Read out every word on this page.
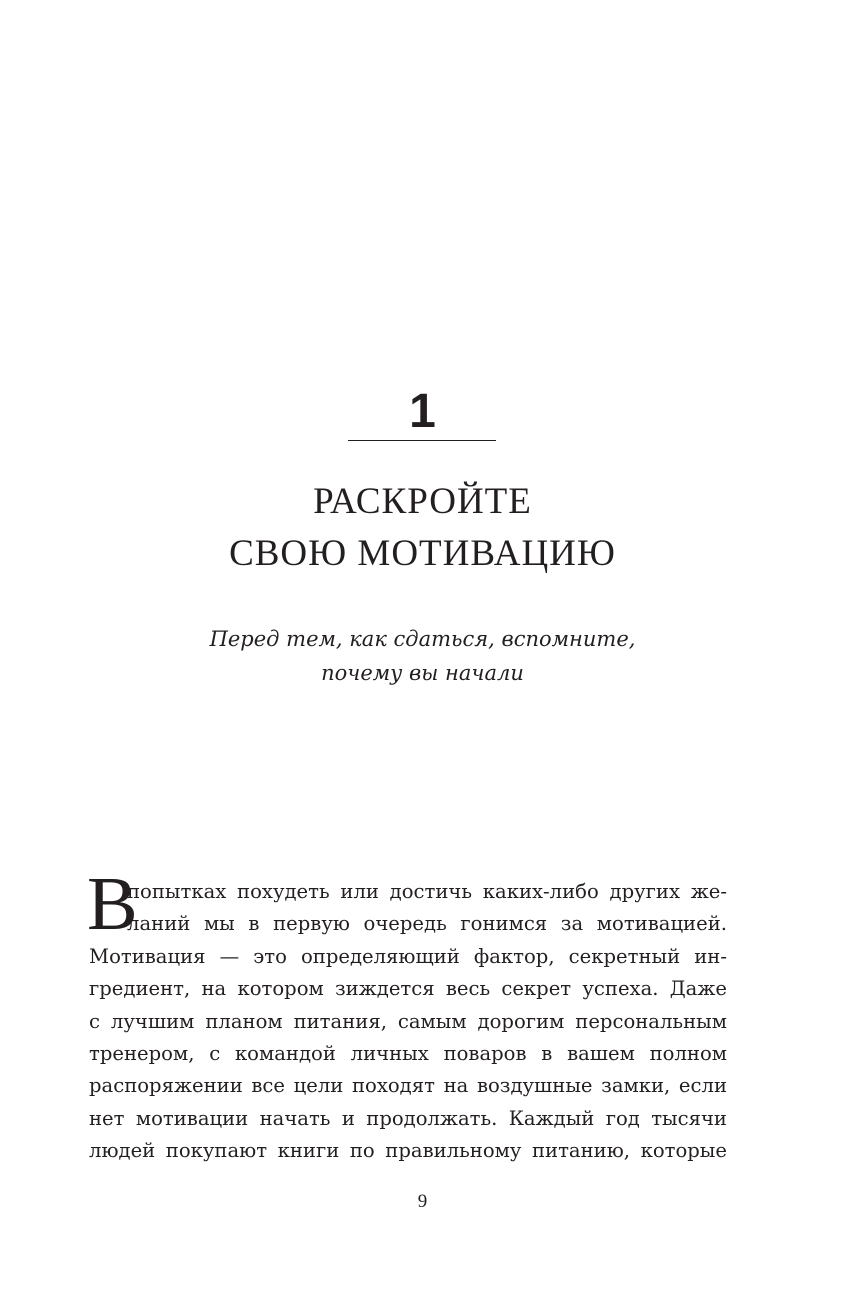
1
РАСКРОЙТЕ
СВОЮ МОТИВАЦИЮ
Перед тем, как сдаться, вспомните,
почему вы начали
В
попытках похудеть или достичь каких-либо других же-
ланий мы в первую очередь гонимся за мотивацией.
Мотивация — это определяющий фактор, секретный ин-
гредиент, на котором зиждется весь секрет успеха. Даже
с лучшим планом питания, самым дорогим персональным
тренером, с командой личных поваров в вашем полном
распоряжении все цели походят на воздушные замки, если
нет мотивации начать и продолжать. Каждый год тысячи
людей покупают книги по правильному питанию, которые
9
